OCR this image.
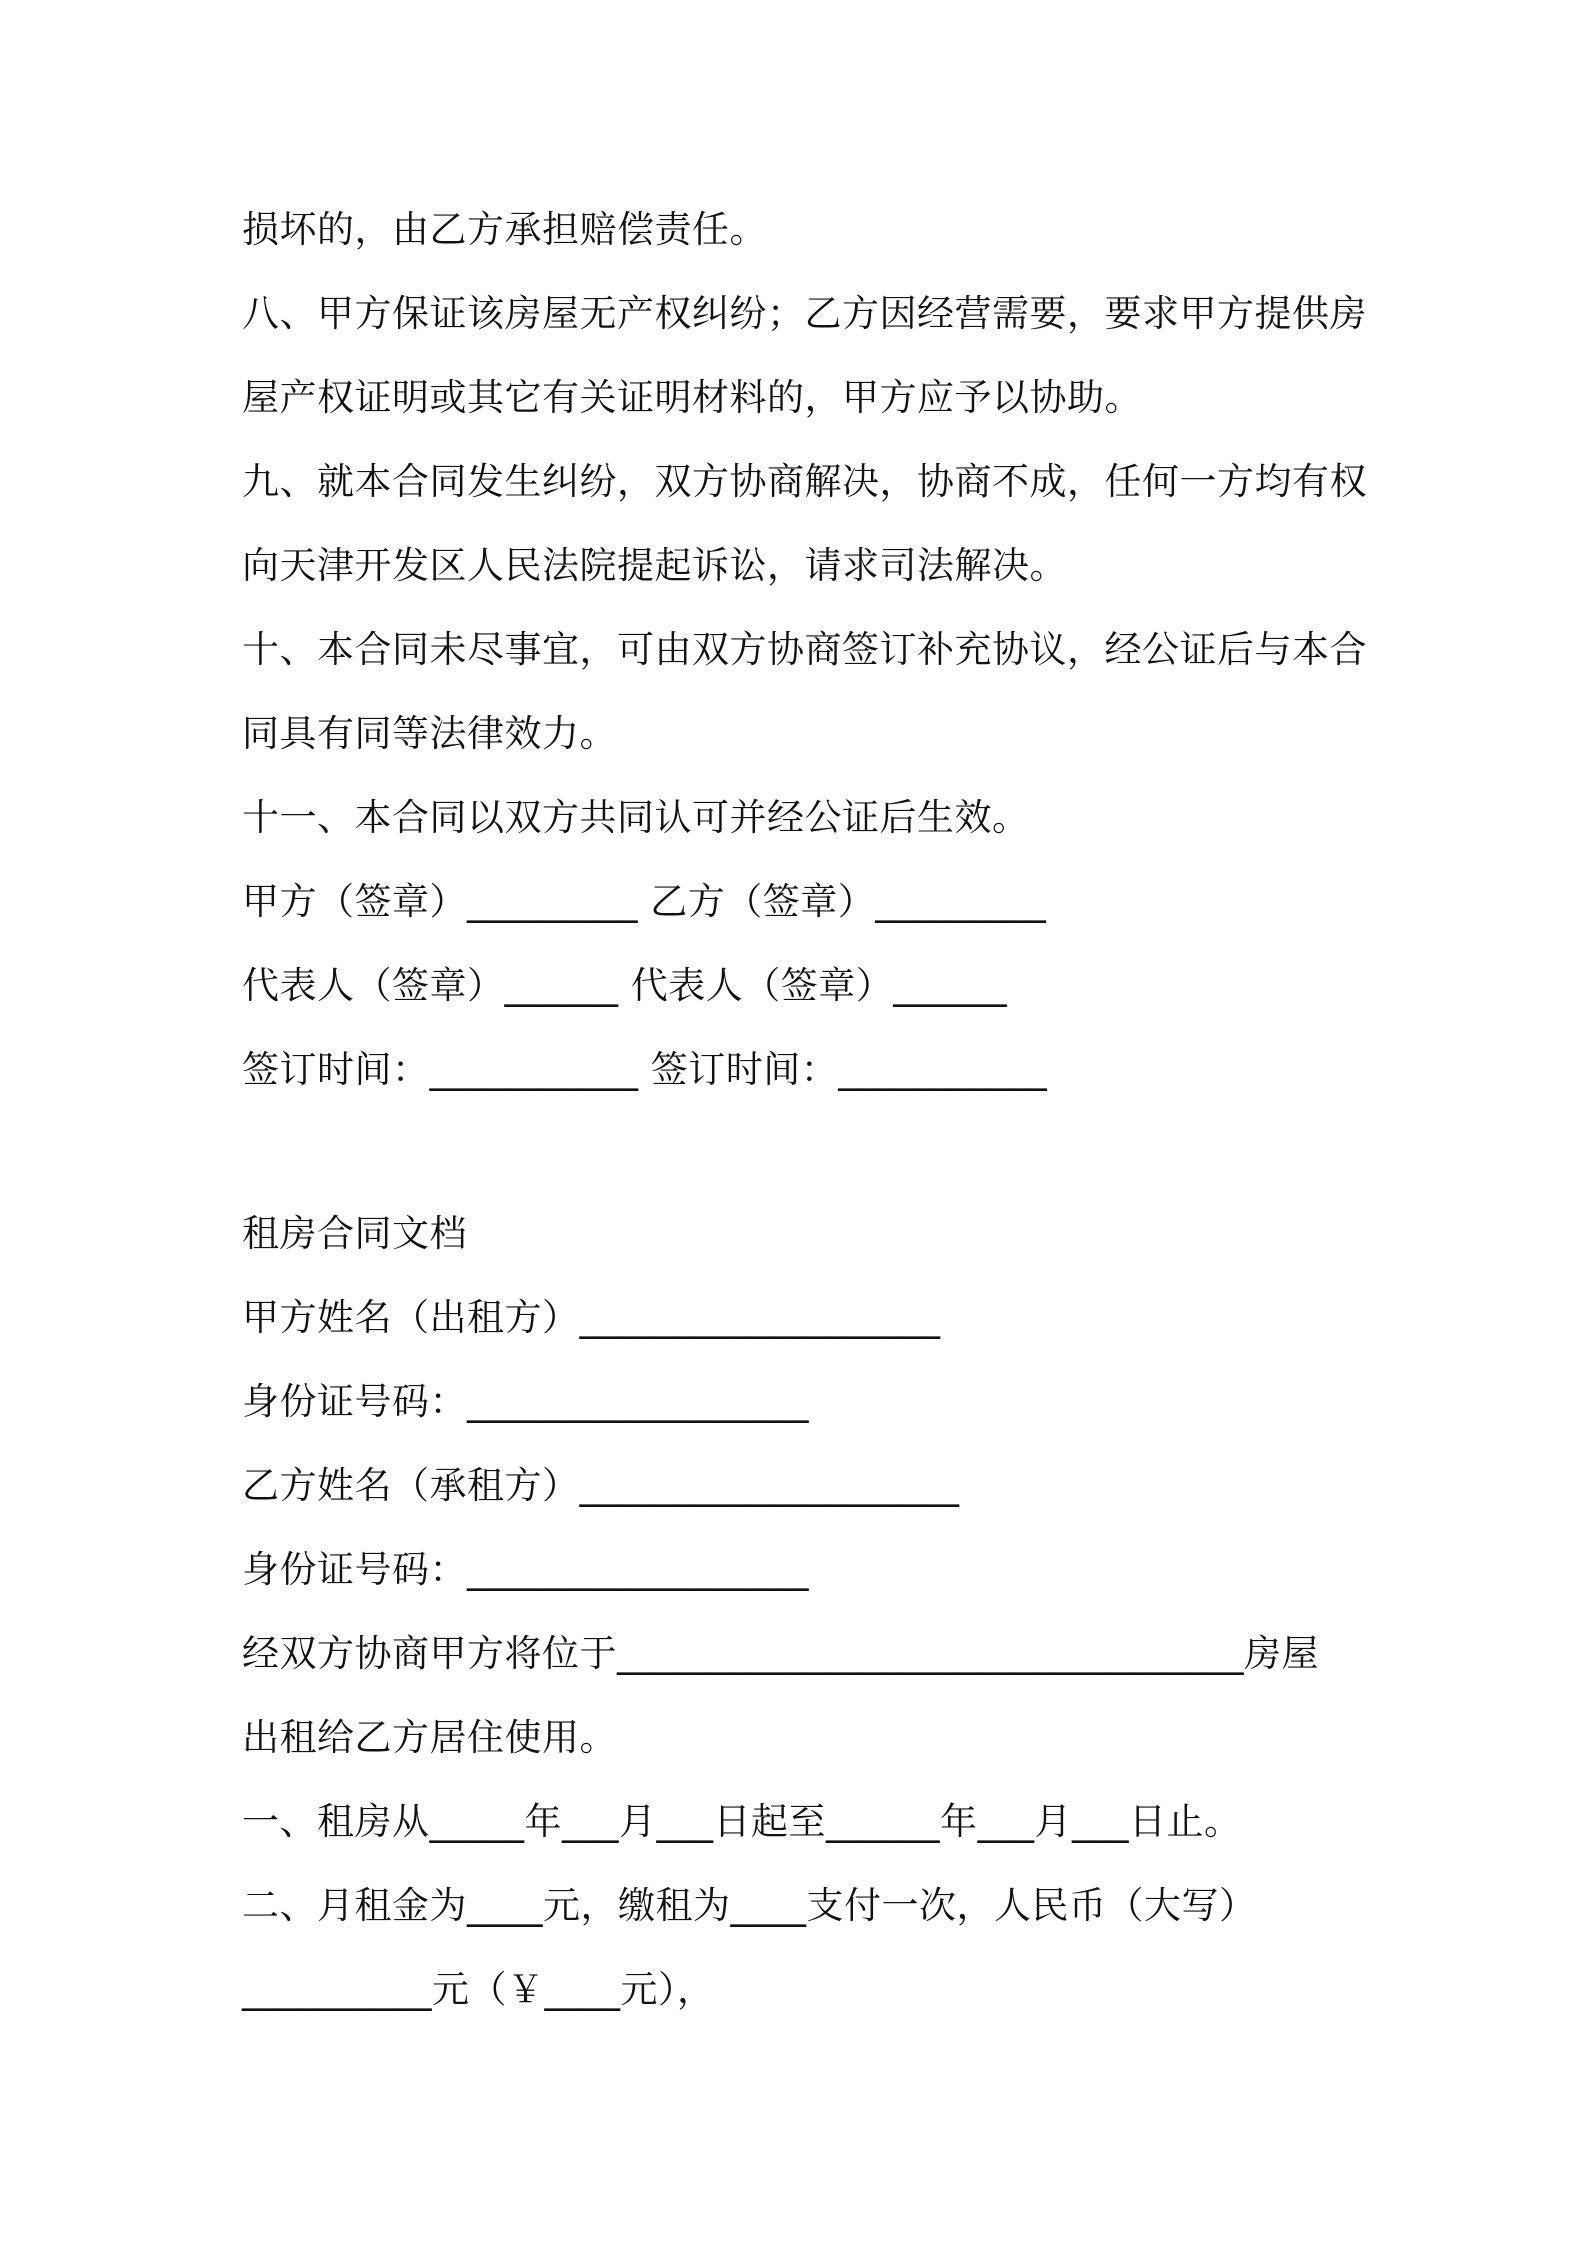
损坏的，由乙方承担赔偿责任。
八、甲方保证该房屋无产权纠纷；乙方因经营需要，要求甲方提供房
屋产权证明或其它有关证明材料的，甲方应予以协助。
九、就本合同发生纠纷，双方协商解决，协商不成，任何一方均有权
向天津开发区人民法院提起诉讼，请求司法解决。
十、本合同未尽事宜，可由双方协商签订补充协议，经公证后与本合
同具有同等法律效力。
十一、本合同以双方共同认可并经公证后生效。
甲方（签章）_________ 乙方（签章）_________
代表人（签章）______ 代表人（签章）______
签订时间：___________ 签订时间：___________
租房合同文档
甲方姓名（出租方）___________________
身份证号码：__________________
乙方姓名（承租方）____________________
身份证号码：__________________
经双方协商甲方将位于_________________________________房屋
出租给乙方居住使用。
一、租房从_____年___月___日起至______年___月___日止。
二、月租金为____元，缴租为____支付一次，人民币（大写）
__________元（￥____元），
